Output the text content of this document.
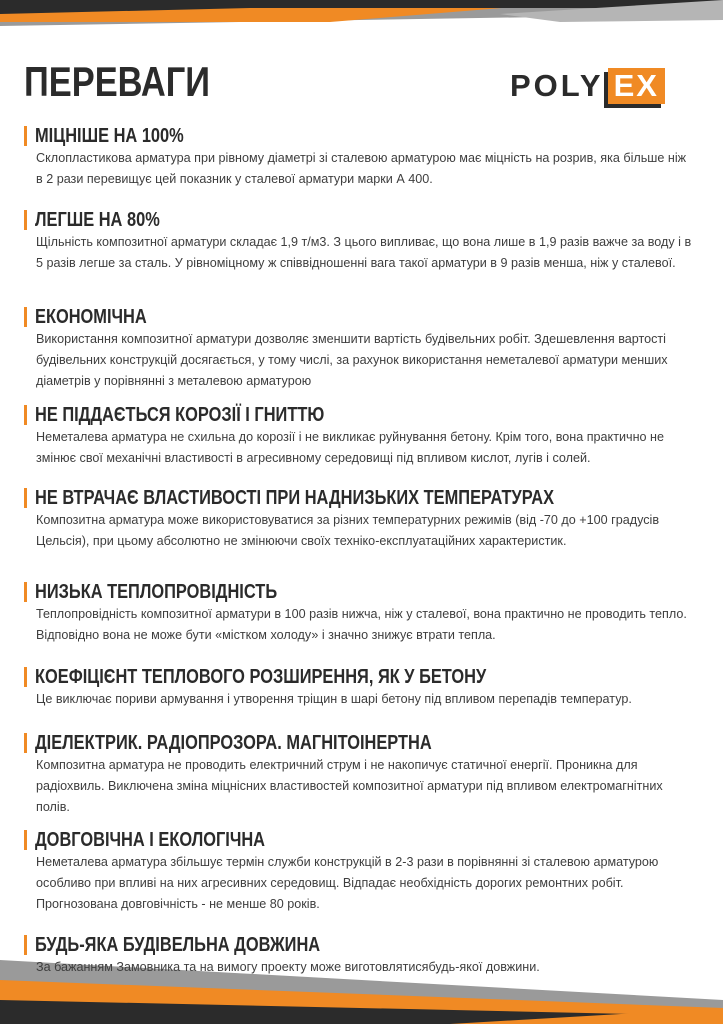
ПЕРЕВАГИ	POLY EX
МІЦНІШЕ НА 100%
Склопластикова арматура при рівному діаметрі зі сталевою арматурою має міцність на розрив, яка більше ніж в 2 рази перевищує цей показник у сталевої арматури марки А 400.
ЛЕГШЕ НА 80%
Щільність композитної арматури складає 1,9 т/м3. З цього випливає, що вона лише в 1,9 разів важче за воду і в 5 разів легше за сталь. У рівноміцному ж співвідношенні вага такої арматури в 9 разів менша, ніж у сталевої.
ЕКОНОМІЧНА
Використання композитної арматури дозволяє зменшити вартість будівельних робіт. Здешевлення вартості будівельних конструкцій досягається, у тому числі, за рахунок використання неметалевої арматури менших діаметрів у порівнянні з металевою арматурою
НЕ ПІДДАЄТЬСЯ КОРОЗІЇ І ГНИТТЮ
Неметалева арматура не схильна до корозії і не викликає руйнування бетону. Крім того, вона практично не змінює свої механічні властивості в агресивному середовищі під впливом кислот, лугів і солей.
НЕ ВТРАЧАЄ ВЛАСТИВОСТІ ПРИ НАДНИЗЬКИХ ТЕМПЕРАТУРАХ
Композитна арматура може використовуватися за різних температурних режимів (від -70 до +100 градусів Цельсія), при цьому абсолютно не змінюючи своїх техніко-експлуатаційних характеристик.
НИЗЬКА ТЕПЛОПРОВІДНІСТЬ
Теплопровідність композитної арматури в 100 разів нижча, ніж у сталевої, вона практично не проводить тепло. Відповідно вона не може бути «містком холоду» і значно знижує втрати тепла.
КОЕФІЦІЄНТ ТЕПЛОВОГО РОЗШИРЕННЯ, ЯК У БЕТОНУ
Це виключає пориви армування і утворення тріщин в шарі бетону під впливом перепадів температур.
ДІЕЛЕКТРИК. РАДІОПРОЗОРА. МАГНІТОІНЕРТНА
Композитна арматура не проводить електричний струм і не накопичує статичної енергії. Проникна для радіохвиль. Виключена зміна міцнісних властивостей композитної арматури під впливом електромагнітних полів.
ДОВГОВІЧНА І ЕКОЛОГІЧНА
Неметалева арматура збільшує термін служби конструкцій в 2-3 рази в порівнянні зі сталевою арматурою особливо при впливі на них агресивних середовищ. Відпадає необхідність дорогих ремонтних робіт. Прогнозована довговічність - не менше 80 років.
БУДЬ-ЯКА БУДІВЕЛЬНА ДОВЖИНА
За бажанням Замовника та на вимогу проекту може виготовлятисябудь-якої довжини.
